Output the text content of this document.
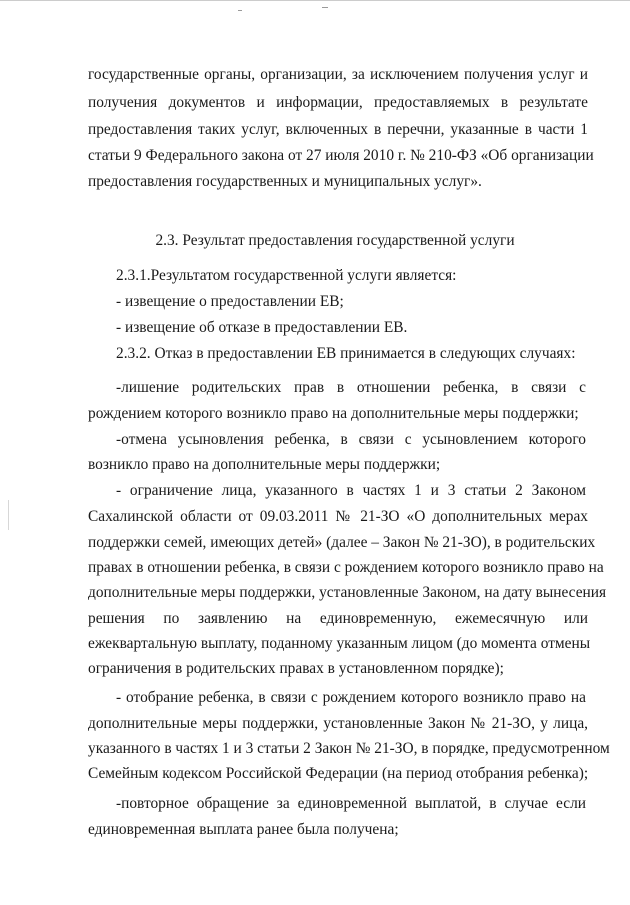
государственные органы, организации, за исключением получения услуг и
получения документов и информации, предоставляемых в результате
предоставления таких услуг, включенных в перечни, указанные в части 1
статьи 9 Федерального закона от 27 июля 2010 г. № 210-ФЗ «Об организации
предоставления государственных и муниципальных услуг».
2.3. Результат предоставления государственной услуги
2.3.1.Результатом государственной услуги является:
- извещение о предоставлении ЕВ;
- извещение об отказе в предоставлении ЕВ.
2.3.2. Отказ в предоставлении ЕВ принимается в следующих случаях:
-лишение родительских прав в отношении ребенка, в связи с
рождением которого возникло право на дополнительные меры поддержки;
-отмена усыновления ребенка, в связи с усыновлением которого
возникло право на дополнительные меры поддержки;
- ограничение лица, указанного в частях 1 и 3 статьи 2 Законом
Сахалинской области от 09.03.2011 № 21-ЗО «О дополнительных мерах
поддержки семей, имеющих детей» (далее – Закон № 21-ЗО), в родительских
правах в отношении ребенка, в связи с рождением которого возникло право на
дополнительные меры поддержки, установленные Законом, на дату вынесения
решения по заявлению на единовременную, ежемесячную или
ежеквартальную выплату, поданному указанным лицом (до момента отмены
ограничения в родительских правах в установленном порядке);
- отобрание ребенка, в связи с рождением которого возникло право на
дополнительные меры поддержки, установленные Закон № 21-ЗО, у лица,
указанного в частях 1 и 3 статьи 2 Закон № 21-ЗО, в порядке, предусмотренном
Семейным кодексом Российской Федерации (на период отобрания ребенка);
-повторное обращение за единовременной выплатой, в случае если
единовременная выплата ранее была получена;
